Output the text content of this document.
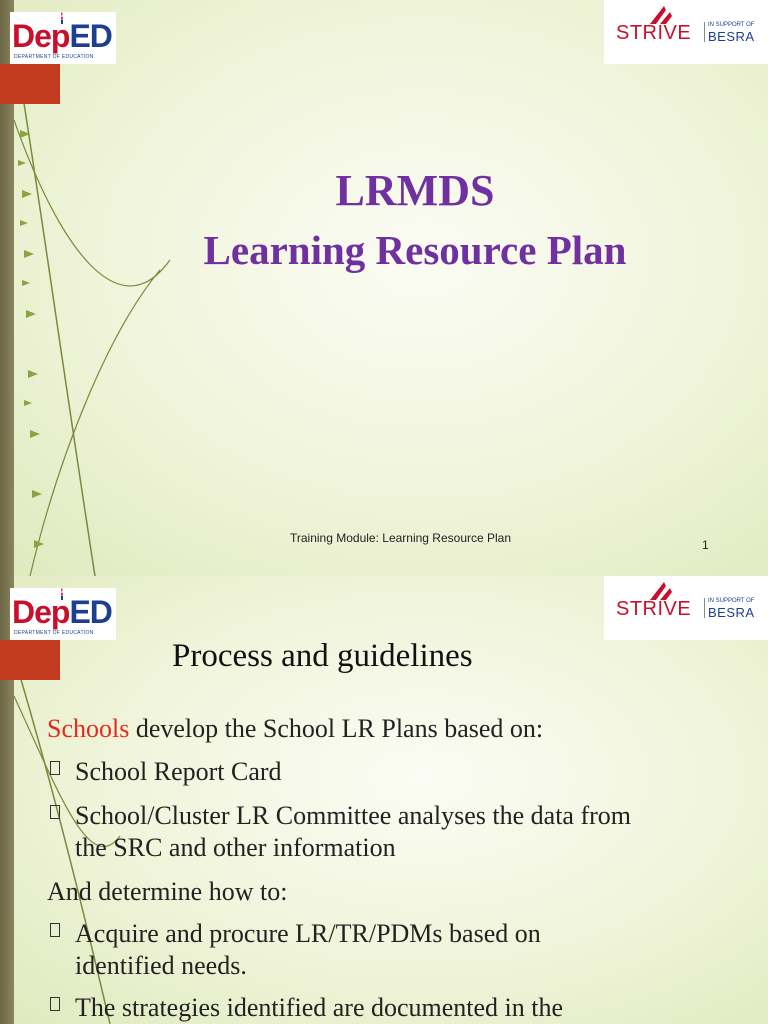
DepED
DEPARTMENT OF EDUCATION
STRIVE	IN SUPPORT OF
BESRA
LRMDS
Learning Resource Plan
Training Module: Learning Resource Plan	1
DepED
DEPARTMENT OF EDUCATION
STRIVE	IN SUPPORT OF
BESRA
Process and guidelines
Schools develop the School LR Plans based on:
School Report Card
School/Cluster LR Committee analyses the data from
the SRC and other information
And determine how to:
Acquire and procure LR/TR/PDMs based on
identified needs.
The strategies identified are documented in the
